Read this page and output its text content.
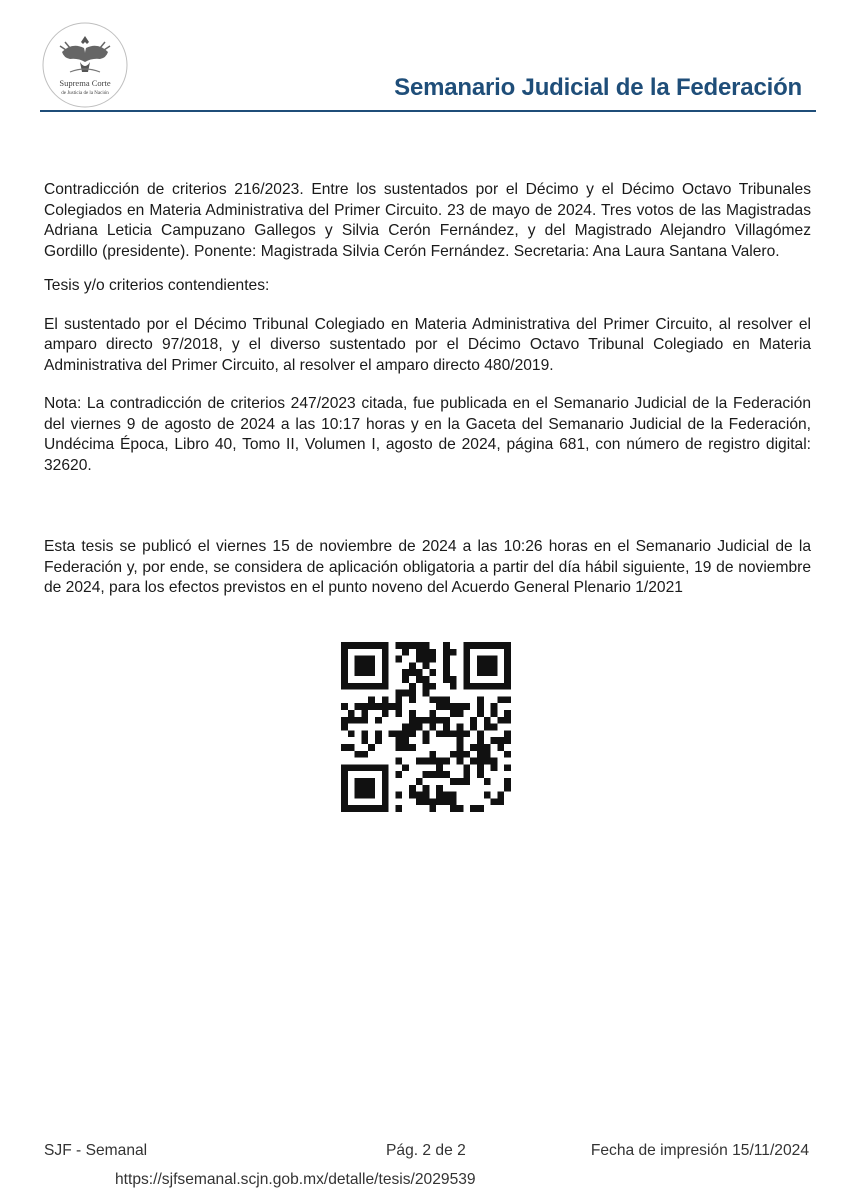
Suprema Corte
de Justicia de la Nación	Semanario Judicial de la Federación

Contradicción de criterios 216/2023. Entre los sustentados por el Décimo y el Décimo Octavo Tribunales Colegiados en Materia Administrativa del Primer Circuito. 23 de mayo de 2024. Tres votos de las Magistradas Adriana Leticia Campuzano Gallegos y Silvia Cerón Fernández, y del Magistrado Alejandro Villagómez Gordillo (presidente). Ponente: Magistrada Silvia Cerón Fernández. Secretaria: Ana Laura Santana Valero.

Tesis y/o criterios contendientes:

El sustentado por el Décimo Tribunal Colegiado en Materia Administrativa del Primer Circuito, al resolver el amparo directo 97/2018, y el diverso sustentado por el Décimo Octavo Tribunal Colegiado en Materia Administrativa del Primer Circuito, al resolver el amparo directo 480/2019.

Nota: La contradicción de criterios 247/2023 citada, fue publicada en el Semanario Judicial de la Federación del viernes 9 de agosto de 2024 a las 10:17 horas y en la Gaceta del Semanario Judicial de la Federación, Undécima Época, Libro 40, Tomo II, Volumen I, agosto de 2024, página 681, con número de registro digital: 32620.

Esta tesis se publicó el viernes 15 de noviembre de 2024 a las 10:26 horas en el Semanario Judicial de la Federación y, por ende, se considera de aplicación obligatoria a partir del día hábil siguiente, 19 de noviembre de 2024, para los efectos previstos en el punto noveno del Acuerdo General Plenario 1/2021

SJF - Semanal	Pág. 2 de 2	Fecha de impresión 15/11/2024
https://sjfsemanal.scjn.gob.mx/detalle/tesis/2029539
